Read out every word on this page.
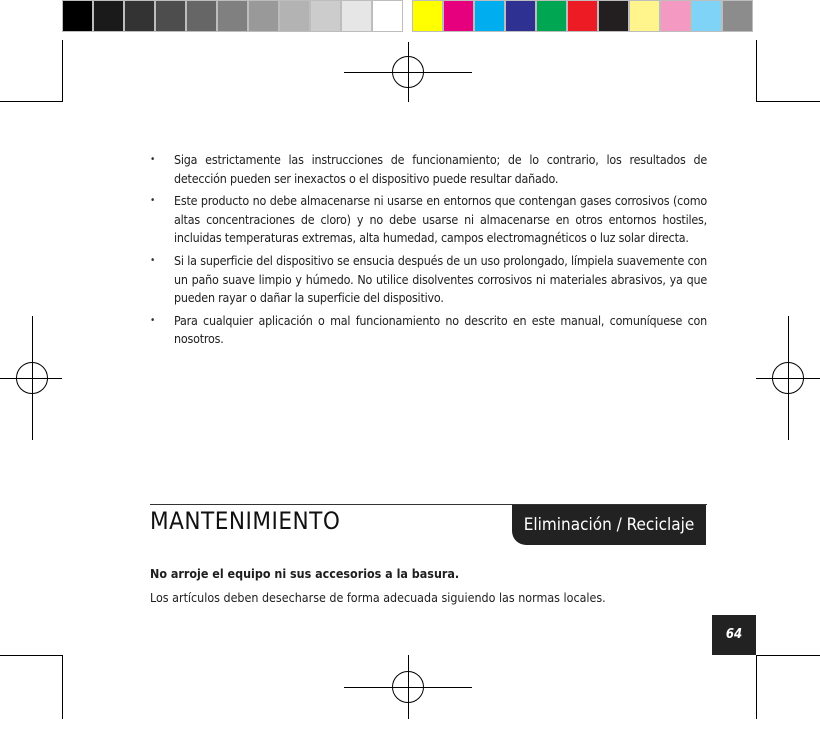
• Siga estrictamente las instrucciones de funcionamiento; de lo contrario, los resultados de detección pueden ser inexactos o el dispositivo puede resultar dañado.
• Este producto no debe almacenarse ni usarse en entornos que contengan gases corrosivos (como altas concentraciones de cloro) y no debe usarse ni almacenarse en otros entornos hostiles, incluidas temperaturas extremas, alta humedad, campos electromagnéticos o luz solar directa.
• Si la superficie del dispositivo se ensucia después de un uso prolongado, límpiela suavemente con un paño suave limpio y húmedo. No utilice disolventes corrosivos ni materiales abrasivos, ya que pueden rayar o dañar la superficie del dispositivo.
• Para cualquier aplicación o mal funcionamiento no descrito en este manual, comuníquese con nosotros.
MANTENIMIENTO	Eliminación / Reciclaje

No arroje el equipo ni sus accesorios a la basura.

Los artículos deben desecharse de forma adecuada siguiendo las normas locales.

64
